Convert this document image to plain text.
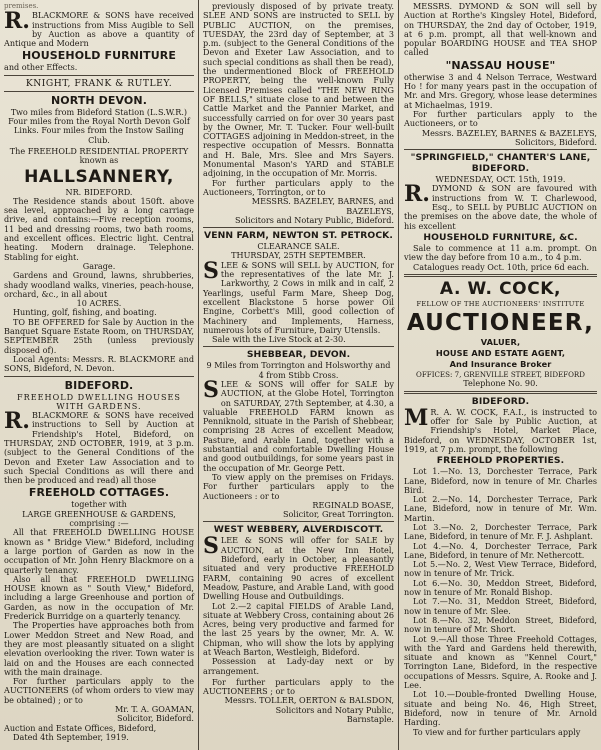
premises.

R.BLACKMORE & SONS have received instructions from Miss Augible to Sell by Auction as above a quantity of Antique and Modern

HOUSEHOLD FURNITURE

and other Effects.

KNIGHT, FRANK & RUTLEY.
NORTH DEVON.

Two miles from Bideford Station (L.S.W.R.) Four miles from the Royal North Devon Golf Links. Four miles from the Instow Sailing Club.

The FREEHOLD RESIDENTIAL PROPERTY known as

HALLSANNERY,

NR. BIDEFORD.

The Residence stands about 150ft. above sea level, approached by a long carriage drive, and contains:—Five reception rooms, 11 bed and dressing rooms, two bath rooms, and excellent offices. Electric light. Central heating. Modern drainage. Telephone. Stabling for eight.

Garage.

Gardens and Ground, lawns, shrubberies, shady woodland walks, vineries, peach-house, orchard, &c., in all about

10 ACRES.

Hunting, golf, fishing, and boating.

TO BE OFFERED for Sale by Auction in the Banquet Square Estate Room, on THURSDAY, SEPTEMBER 25th (unless previously disposed of).

Local Agents: Messrs. R. BLACKMORE and SONS, Bideford, N. Devon.

BIDEFORD.

FREEHOLD DWELLING HOUSES WITH GARDENS.

R.BLACKMORE & SONS have received instructions to Sell by Auction at Friendship's Hotel, Bideford, on THURSDAY, 2ND OCTOBER, 1919, at 3 p.m. (subject to the General Conditions of the Devon and Exeter Law Association and to such Special Conditions as will there and then be produced and read) all those

FREEHOLD COTTAGES.

together with

LARGE GREENHOUSE & GARDENS,

comprising :—

All that FREEHOLD DWELLING HOUSE known as " Bridge View." Bideford, including a large portion of Garden as now in the occupation of Mr. John Henry Blackmore on a quarterly tenancy.

Also all that FREEHOLD DWELLING HOUSE known as " South View," Bideford, including a large Greenhouse and portion of Garden, as now in the occupation of Mr. Frederick Burridge on a quarterly tenancy.

The Properties have approaches both from Lower Meddon Street and New Road, and they are most pleasantly situated on a slight elevation overlooking the river. Town water is laid on and the Houses are each connected with the main drainage.

For further particulars apply to the AUCTIONEERS (of whom orders to view may be obtained) ; or to

Mr. T. A. GOAMAN,

Solicitor, Bideford.

Auction and Estate Offices, Bideford,

Dated 4th September, 1919.

previously disposed of by private treaty. SLEE AND SONS are instructed to SELL by PUBLIC AUCTION, on the premises, TUESDAY, the 23rd day of September, at 3 p.m. (subject to the General Conditions of the Devon and Exeter Law Association, and to such special conditions as shall then be read), the undermentioned Block of FREEHOLD PROPERTY, being the well-known Fully Licensed Premises called "THE NEW RING OF BELLS," situate close to and between the Cattle Market and the Pannier Market, and successfully carried on for over 30 years past by the Owner, Mr. T. Tucker. Four well-built COTTAGES adjoining in Meddon-street, in the respective occupation of Messrs. Bonnatta and H. Bale, Mrs. Slee and Mrs Sayers. Monumental Mason's YARD and STABLE adjoining, in the occupation of Mr. Morris.

For further particulars apply to the Auctioneers, Torrington, or to

MESSRS. BAZELEY, BARNES, and BAZELEYS,

Solicitors and Notary Public, Bideford.

VENN FARM, NEWTON ST. PETROCK.

CLEARANCE SALE.

THURSDAY, 25TH SEPTEMBER.

SLEE & SONS will SELL by AUCTION, for the representatives of the late Mr. J. Larkworthy, 2 Cows in milk and in calf, 2 Yearlings, useful Farm Mare, Sheep Dog, excellent Blackstone 5 horse power Oil Engine, Corbett's Mill, good collection of Machinery and Implements, Harness, numerous lots of Furniture, Dairy Utensils.

Sale with the Live Stock at 2-30.

SHEBBEAR, DEVON.

9 Miles from Torrington and Holsworthy and 4 from Stibb Cross.

SLEE & SONS will offer for SALE by AUCTION, at the Globe Hotel, Torrington on SATURDAY, 27th September, at 4.30, a valuable FREEHOLD FARM known as Penniknold, situate in the Parish of Shebbear, comprising 28 Acres of excellent Meadow, Pasture, and Arable Land, together with a substantial and comfortable Dwelling House and good outbuildings, for some years past in the occupation of Mr. George Pett.

To view apply on the premises on Fridays. For further particulars apply to the Auctioneers : or to

REGINALD BOASE,

Solicitor, Great Torrington.

WEST WEBBERY, ALVERDISCOTT.

SLEE & SONS will offer for SALE by AUCTION, at the New Inn Hotel, Bideford, early in October, a pleasantly situated and very productive FREEHOLD FARM, containing 90 acres of excellent Meadow, Pasture, and Arable Land, with good Dwelling House and Outbuildings.

Lot 2.—2 capital FIELDS of Arable Land, situate at Webbery Cross, containing about 26 Acres, being very productive and farmed for the last 25 years by the owner, Mr. A. W. Chipman, who will show the lots by applying at Weach Barton, Westleigh, Bideford.

Possession at Lady-day next or by arrangement.

For further particulars apply to the AUCTIONEERS ; or to

Messrs. TOLLER, OERTON & BALSDON,

Solicitors and Notary Public,

Barnstaple.

MESSRS. DYMOND & SON will sell by Auction at Rorthe's Kingsley Hotel, Bideford, on THURSDAY, the 2nd day of October, 1919, at 6 p.m. prompt, all that well-known and popular BOARDING HOUSE and TEA SHOP called

"NASSAU HOUSE"

otherwise 3 and 4 Nelson Terrace, Westward Ho ! for many years past in the occupation of Mr. and Mrs. Gregory, whose lease determines at Michaelmas, 1919.

For further particulars apply to the Auctioneers, or to

Messrs. BAZELEY, BARNES & BAZELEYS,

Solicitors, Bideford.

"SPRINGFIELD," CHANTER'S LANE, BIDEFORD.

WEDNESDAY, OCT. 15th, 1919.

R.DYMOND & SON are favoured with instructions from W. T. Charlewood, Esq., to SELL by PUBLIC AUCTION on the premises on the above date, the whole of his excellent

HOUSEHOLD FURNITURE, &C.

Sale to commence at 11 a.m. prompt. On view the day before from 10 a.m., to 4 p.m.

Catalogues ready Oct. 10th, price 6d each.

A. W. COCK,

FELLOW OF THE AUCTIONEERS' INSTITUTE

AUCTIONEER,
VALUER,
HOUSE AND ESTATE AGENT,
And Insurance Broker

OFFICES: 7, GRENVILLE STREET, BIDEFORD

Telephone No. 90.

BIDEFORD.

MR. A. W. COCK, F.A.I., is instructed to offer for Sale by Public Auction, at Friendship's Hotel, Market Place, Bideford, on WEDNESDAY, OCTOBER 1st, 1919, at 7 p.m. prompt, the following

FREEHOLD PROPERTIES.

Lot 1.—No. 13, Dorchester Terrace, Park Lane, Bideford, now in tenure of Mr. Charles Bird.

Lot 2.—No. 14, Dorchester Terrace, Park Lane, Bideford, now in tenure of Mr. Wm. Martin.

Lot 3.—No. 2, Dorchester Terrace, Park Lane, Bideford, in tenure of Mr. F. J. Ashplant.

Lot 4.—No. 4, Dorchester Terrace, Park Lane, Bideford, in tenure of Mr. Nethercott.

Lot 5.—No. 2, West View Terrace, Bideford, now in tenure of Mr. Trick.

Lot 6.—No. 30, Meddon Street, Bideford, now in tenure of Mr. Ronald Bishop.

Lot 7.—No. 31, Meddon Street, Bideford, now in tenure of Mr. Slee.

Lot 8.—No. 32, Meddon Street, Bideford, now in tenure of Mr. Short.

Lot 9.—All those Three Freehold Cottages, with the Yard and Gardens held therewith, situate and known as "Kennel Court," Torrington Lane, Bideford, in the respective occupations of Messrs. Squire, A. Rooke and J. Lee.

Lot 10.—Double-fronted Dwelling House, situate and being No. 46, High Street, Bideford, now in tenure of Mr. Arnold Harding.

To view and for further particulars apply
